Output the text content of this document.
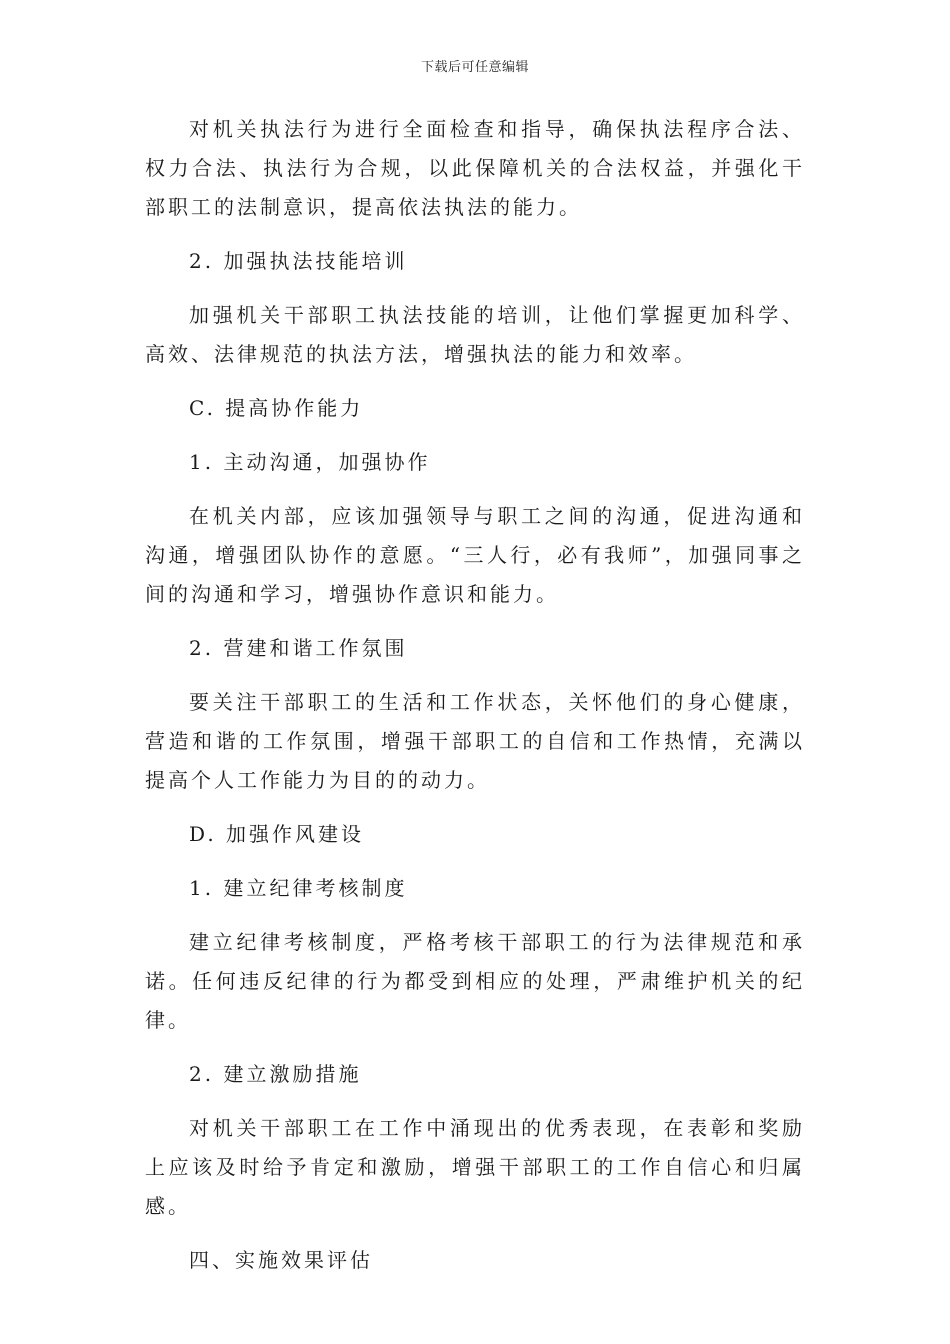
下载后可任意编辑

对机关执法行为进行全面检查和指导，确保执法程序合法、权力合法、执法行为合规，以此保障机关的合法权益，并强化干部职工的法制意识，提高依法执法的能力。

2. 加强执法技能培训

加强机关干部职工执法技能的培训，让他们掌握更加科学、高效、法律规范的执法方法，增强执法的能力和效率。

C. 提高协作能力

1. 主动沟通，加强协作

在机关内部，应该加强领导与职工之间的沟通，促进沟通和沟通，增强团队协作的意愿。“三人行，必有我师”，加强同事之间的沟通和学习，增强协作意识和能力。

2. 营建和谐工作氛围

要关注干部职工的生活和工作状态，关怀他们的身心健康，营造和谐的工作氛围，增强干部职工的自信和工作热情，充满以提高个人工作能力为目的的动力。

D. 加强作风建设

1. 建立纪律考核制度

建立纪律考核制度，严格考核干部职工的行为法律规范和承诺。任何违反纪律的行为都受到相应的处理，严肃维护机关的纪律。

2. 建立激励措施

对机关干部职工在工作中涌现出的优秀表现，在表彰和奖励上应该及时给予肯定和激励，增强干部职工的工作自信心和归属感。

四、实施效果评估
